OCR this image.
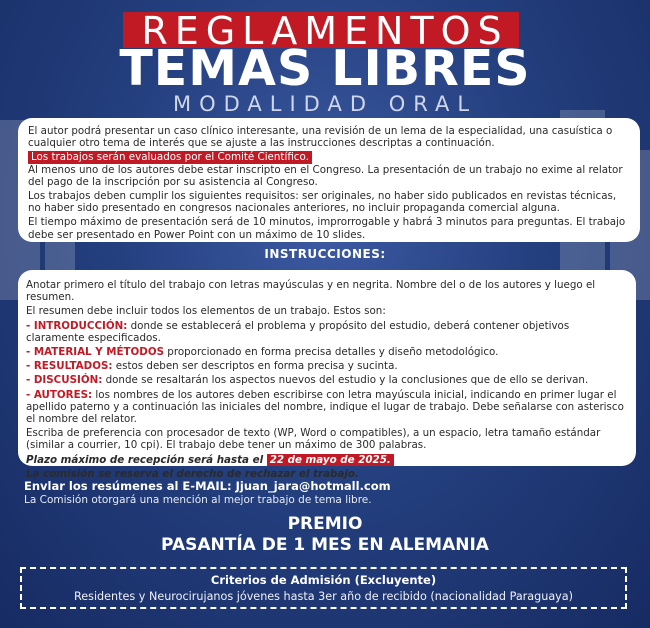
REGLAMENTOS
TEMAS LIBRES
MODALIDAD ORAL

El autor podrá presentar un caso clínico interesante, una revisión de un lema de la especialidad, una casuística o cualquier otro tema de interés que se ajuste a las instrucciones descriptas a continuación.

Los trabajos serán evaluados por el Comité Científico.

Al menos uno de los autores debe estar inscripto en el Congreso. La presentación de un trabajo no exime al relator del pago de la inscripción por su asistencia al Congreso.

Los trabajos deben cumplir los siguientes requisitos: ser originales, no haber sido publicados en revistas técnicas, no haber sido presentado en congresos nacionales anteriores, no incluir propaganda comercial alguna.

El tiempo máximo de presentación será de 10 minutos, improrrogable y habrá 3 minutos para preguntas. El trabajo debe ser presentado en Power Point con un máximo de 10 slides.

INSTRUCCIONES:

Anotar primero el título del trabajo con letras mayúsculas y en negrita. Nombre del o de los autores y luego el resumen.

El resumen debe incluir todos los elementos de un trabajo. Estos son:

- INTRODUCCIÓN: donde se establecerá el problema y propósito del estudio, deberá contener objetivos claramente especificados.

- MATERIAL Y MÉTODOS proporcionado en forma precisa detalles y diseño metodológico.

- RESULTADOS: estos deben ser descriptos en forma precisa y sucinta.

- DISCUSIÓN: donde se resaltarán los aspectos nuevos del estudio y la conclusiones que de ello se derivan.

- AUTORES: los nombres de los autores deben escribirse con letra mayúscula inicial, indicando en primer lugar el apellido paterno y a continuación las iniciales del nombre, indique el lugar de trabajo. Debe señalarse con asterisco el nombre del relator.

Escriba de preferencia con procesador de texto (WP, Word o compatibles), a un espacio, letra tamaño estándar (similar a courrier, 10 cpi). El trabajo debe tener un máximo de 300 palabras.

Plazo máximo de recepción será hasta el 22 de mayo de 2025.

La comisión se reserva el derecho de rechazar el trabajo.

Envlar los resúmenes al E-MAIL: Jjuan_jara@hotmall.com
La Comisión otorgará una mención al mejor trabajo de tema libre.
PREMIO
PASANTÍA DE 1 MES EN ALEMANIA
Criterios de Admisión (Excluyente)
Residentes y Neurocirujanos jóvenes hasta 3er año de recibido (nacionalidad Paraguaya)
